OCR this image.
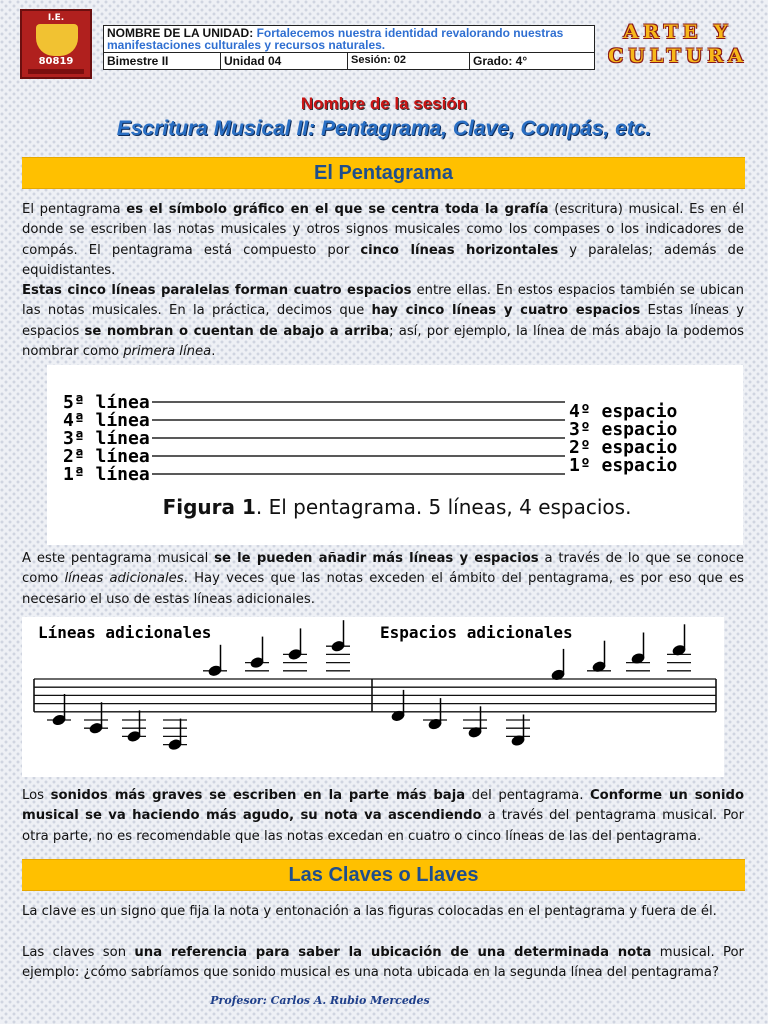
I.E.
80819
NOMBRE DE LA UNIDAD: Fortalecemos nuestra identidad revalorando nuestras manifestaciones culturales y recursos naturales.
Bimestre II	Unidad 04	Sesión: 02	Grado: 4°
ARTE Y
CULTURA
Nombre de la sesión
Escritura Musical II: Pentagrama, Clave, Compás, etc.
El Pentagrama
El pentagrama es el símbolo gráfico en el que se centra toda la grafía (escritura) musical. Es en él donde se escriben las notas musicales y otros signos musicales como los compases o los indicadores de compás. El pentagrama está compuesto por cinco líneas horizontales y paralelas; además de equidistantes.
Estas cinco líneas paralelas forman cuatro espacios entre ellas. En estos espacios también se ubican las notas musicales. En la práctica, decimos que hay cinco líneas y cuatro espacios Estas líneas y espacios se nombran o cuentan de abajo a arriba; así, por ejemplo, la línea de más abajo la podemos nombrar como primera línea.
5ª línea
4ª línea
3ª línea
2ª línea
1ª línea
4º espacio
3º espacio
2º espacio
1º espacio
Figura 1. El pentagrama. 5 líneas, 4 espacios.
A este pentagrama musical se le pueden añadir más líneas y espacios a través de lo que se conoce como líneas adicionales. Hay veces que las notas exceden el ámbito del pentagrama, es por eso que es necesario el uso de estas líneas adicionales.
Líneas adicionales	Espacios adicionales
Los sonidos más graves se escriben en la parte más baja del pentagrama. Conforme un sonido musical se va haciendo más agudo, su nota va ascendiendo a través del pentagrama musical. Por otra parte, no es recomendable que las notas excedan en cuatro o cinco líneas de las del pentagrama.
Las Claves o Llaves
La clave es un signo que fija la nota y entonación a las figuras colocadas en el pentagrama y fuera de él.
Las claves son una referencia para saber la ubicación de una determinada nota musical. Por ejemplo: ¿cómo sabríamos que sonido musical es una nota ubicada en la segunda línea del pentagrama?
Profesor: Carlos A. Rubio Mercedes
